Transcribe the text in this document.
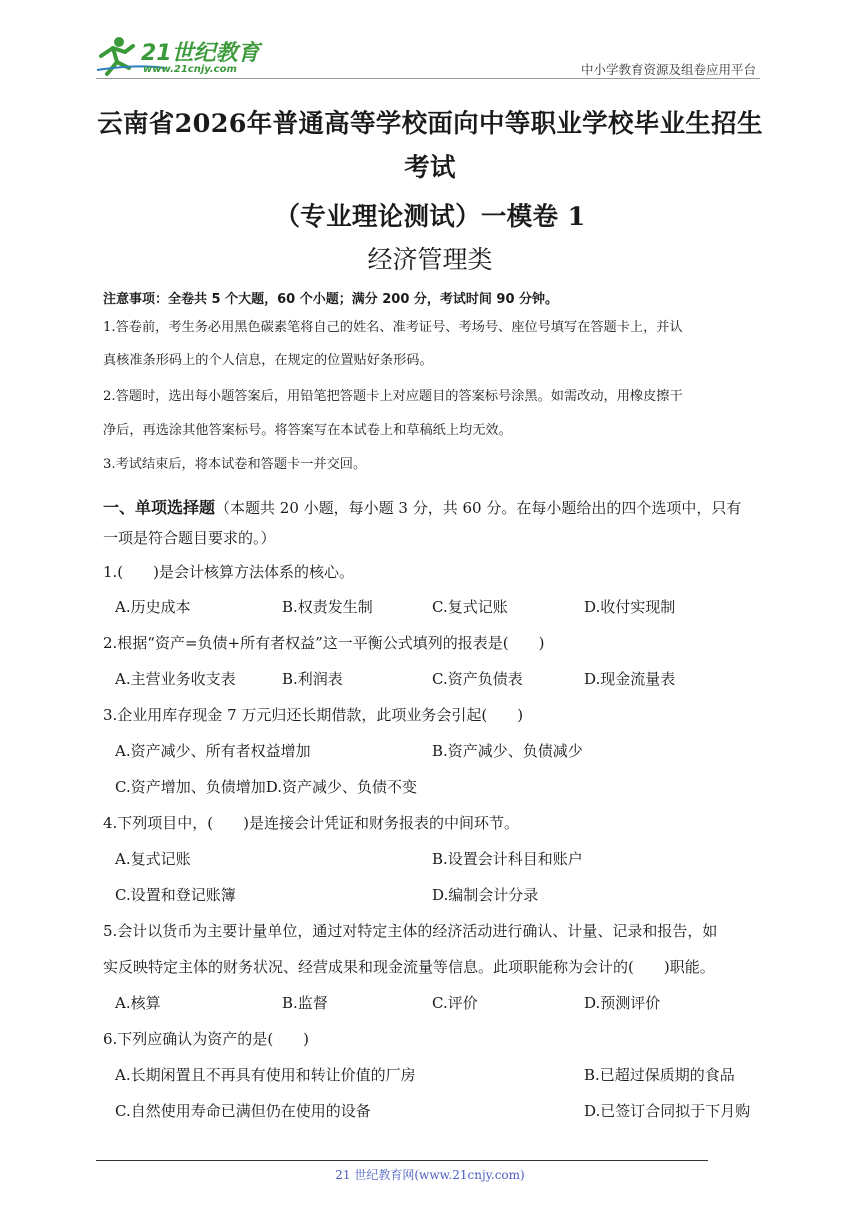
21世纪教育
www.21cnjy.com	中小学教育资源及组卷应用平台
云南省2026年普通高等学校面向中等职业学校毕业生招生
考试
（专业理论测试）一模卷 1
经济管理类
注意事项：全卷共 5 个大题，60 个小题；满分 200 分，考试时间 90 分钟。
1.答卷前，考生务必用黑色碳素笔将自己的姓名、准考证号、考场号、座位号填写在答题卡上，并认
真核准条形码上的个人信息，在规定的位置贴好条形码。
2.答题时，选出每小题答案后，用铅笔把答题卡上对应题目的答案标号涂黑。如需改动，用橡皮擦干
净后，再选涂其他答案标号。将答案写在本试卷上和草稿纸上均无效。
3.考试结束后，将本试卷和答题卡一并交回。
一、单项选择题（本题共 20 小题，每小题 3 分，共 60 分。在每小题给出的四个选项中，只有
一项是符合题目要求的。）
1.(　　)是会计核算方法体系的核心。
A.历史成本	B.权责发生制	C.复式记账	D.收付实现制
2.根据“资产=负债+所有者权益”这一平衡公式填列的报表是(　　)
A.主营业务收支表	B.利润表	C.资产负债表	D.现金流量表
3.企业用库存现金 7 万元归还长期借款，此项业务会引起(　　)
A.资产减少、所有者权益增加	B.资产减少、负债减少
C.资产增加、负债增加D.资产减少、负债不变
4.下列项目中，(　　)是连接会计凭证和财务报表的中间环节。
A.复式记账	B.设置会计科目和账户
C.设置和登记账簿	D.编制会计分录
5.会计以货币为主要计量单位，通过对特定主体的经济活动进行确认、计量、记录和报告，如
实反映特定主体的财务状况、经营成果和现金流量等信息。此项职能称为会计的(　　)职能。
A.核算	B.监督	C.评价	D.预测评价
6.下列应确认为资产的是(　　)
A.长期闲置且不再具有使用和转让价值的厂房	B.已超过保质期的食品
C.自然使用寿命已满但仍在使用的设备	D.已签订合同拟于下月购
21 世纪教育网(www.21cnjy.com)
